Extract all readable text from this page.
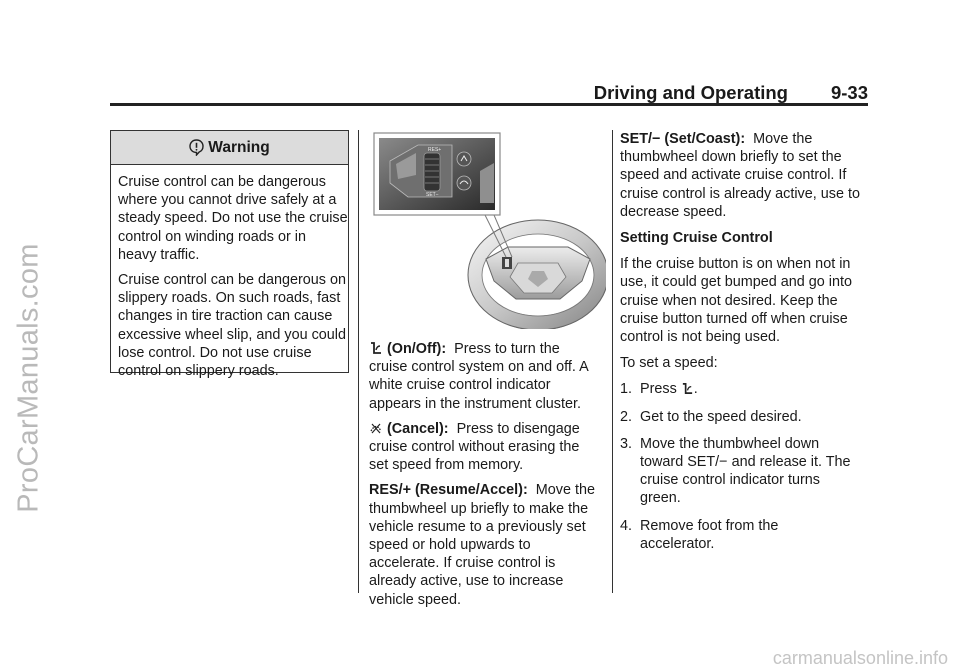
ProCarManuals.com
Driving and Operating 9-33
Warning

Cruise control can be dangerous where you cannot drive safely at a steady speed. Do not use the cruise control on winding roads or in heavy traffic.

Cruise control can be dangerous on slippery roads. On such roads, fast changes in tire traction can cause excessive wheel slip, and you could lose control. Do not use cruise control on slippery roads.

RES+
SET−

(On/Off): Press to turn the cruise control system on and off. A white cruise control indicator appears in the instrument cluster.

(Cancel): Press to disengage cruise control without erasing the set speed from memory.

RES/+ (Resume/Accel): Move the thumbwheel up briefly to make the vehicle resume to a previously set speed or hold upwards to accelerate. If cruise control is already active, use to increase vehicle speed.

SET/− (Set/Coast): Move the thumbwheel down briefly to set the speed and activate cruise control. If cruise control is already active, use to decrease speed.

Setting Cruise Control

If the cruise button is on when not in use, it could get bumped and go into cruise when not desired. Keep the cruise button turned off when cruise control is not being used.

To set a speed:

1. Press .

2. Get to the speed desired.

3. Move the thumbwheel down toward SET/− and release it. The cruise control indicator turns green.

4. Remove foot from the accelerator.

carmanualsonline.info
